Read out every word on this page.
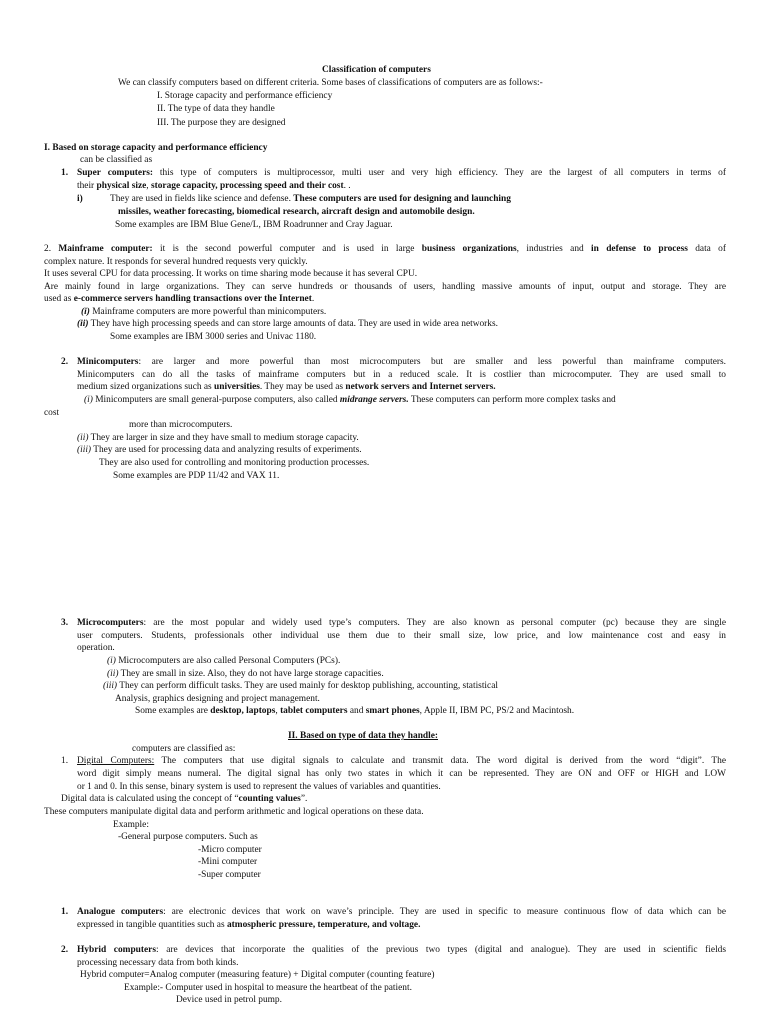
Classification of computers
We can classify computers based on different criteria. Some bases of classifications of computers are as follows:-
I. Storage capacity and performance efficiency
II. The type of data they handle
III. The purpose they are designed
I. Based on storage capacity and performance efficiency
can be classified as
1. Super computers: this type of computers is multiprocessor, multi user and very high efficiency. They are the largest of all computers in terms of
their physical size, storage capacity, processing speed and their cost. .
i)	They are used in fields like science and defense. These computers are used for designing and launching
missiles, weather forecasting, biomedical research, aircraft design and automobile design.
Some examples are IBM Blue Gene/L, IBM Roadrunner and Cray Jaguar.
2. Mainframe computer: it is the second powerful computer and is used in large business organizations, industries and in defense to process data of
complex nature. It responds for several hundred requests very quickly.
It uses several CPU for data processing. It works on time sharing mode because it has several CPU.
Are mainly found in large organizations. They can serve hundreds or thousands of users, handling massive amounts of input, output and storage. They are
used as e-commerce servers handling transactions over the Internet.
(i) Mainframe computers are more powerful than minicomputers.
(ii) They have high processing speeds and can store large amounts of data. They are used in wide area networks.
Some examples are IBM 3000 series and Univac 1180.
2. Minicomputers: are larger and more powerful than most microcomputers but are smaller and less powerful than mainframe computers.
Minicomputers can do all the tasks of mainframe computers but in a reduced scale. It is costlier than microcomputer. They are used small to
medium sized organizations such as universities. They may be used as network servers and Internet servers.
(i) Minicomputers are small general-purpose computers, also called midrange servers. These computers can perform more complex tasks and
cost
more than microcomputers.
(ii) They are larger in size and they have small to medium storage capacity.
(iii) They are used for processing data and analyzing results of experiments.
They are also used for controlling and monitoring production processes.
Some examples are PDP 11/42 and VAX 11.
3. Microcomputers: are the most popular and widely used type’s computers. They are also known as personal computer (pc) because they are single
user computers. Students, professionals other individual use them due to their small size, low price, and low maintenance cost and easy in
operation.
(i) Microcomputers are also called Personal Computers (PCs).
(ii) They are small in size. Also, they do not have large storage capacities.
(iii) They can perform difficult tasks. They are used mainly for desktop publishing, accounting, statistical
Analysis, graphics designing and project management.
Some examples are desktop, laptops, tablet computers and smart phones, Apple II, IBM PC, PS/2 and Macintosh.
II. Based on type of data they handle:
computers are classified as:
1. Digital Computers: The computers that use digital signals to calculate and transmit data. The word digital is derived from the word “digit”. The
word digit simply means numeral. The digital signal has only two states in which it can be represented. They are ON and OFF or HIGH and LOW
or 1 and 0. In this sense, binary system is used to represent the values of variables and quantities.
Digital data is calculated using the concept of “counting values”.
These computers manipulate digital data and perform arithmetic and logical operations on these data.
Example:
-General purpose computers. Such as
-Micro computer
-Mini computer
-Super computer
1. Analogue computers: are electronic devices that work on wave’s principle. They are used in specific to measure continuous flow of data which can be
expressed in tangible quantities such as atmospheric pressure, temperature, and voltage.
2. Hybrid computers: are devices that incorporate the qualities of the previous two types (digital and analogue). They are used in scientific fields
processing necessary data from both kinds.
Hybrid computer=Analog computer (measuring feature) + Digital computer (counting feature)
Example:- Computer used in hospital to measure the heartbeat of the patient.
Device used in petrol pump.
